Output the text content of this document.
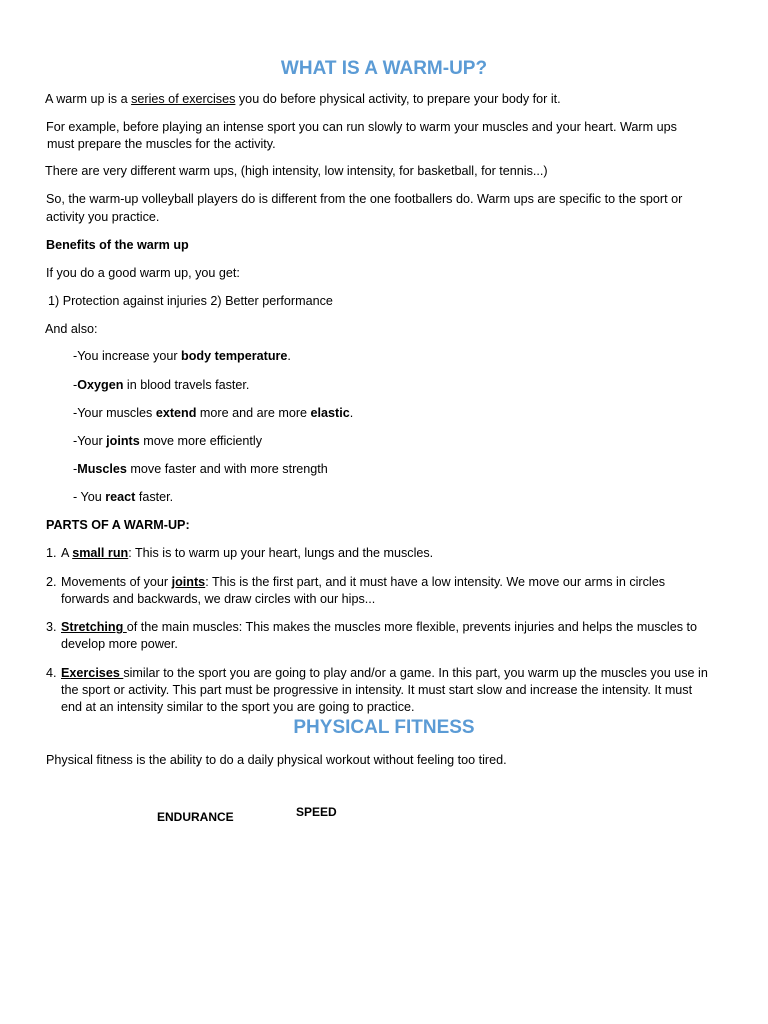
WHAT IS A WARM-UP?
A warm up is a series of exercises you do before physical activity, to prepare your body for it.
For example, before playing an intense sport you can run slowly to warm your muscles and your heart. Warm ups
must prepare the muscles for the activity.
There are very different warm ups, (high intensity, low intensity, for basketball, for tennis...)
So, the warm-up volleyball players do is different from the one footballers do. Warm ups are specific to the sport or
activity you practice.
Benefits of the warm up
If you do a good warm up, you get:
1) Protection against injuries 2) Better performance
And also:
-You increase your body temperature.
-Oxygen in blood travels faster.
-Your muscles extend more and are more elastic.
-Your joints move more efficiently
-Muscles move faster and with more strength
- You react faster.
PARTS OF A WARM-UP:
1. A small run: This is to warm up your heart, lungs and the muscles.
2. Movements of your joints: This is the first part, and it must have a low intensity. We move our arms in circles
forwards and backwards, we draw circles with our hips...
3. Stretching of the main muscles: This makes the muscles more flexible, prevents injuries and helps the muscles to
develop more power.
4. Exercises similar to the sport you are going to play and/or a game. In this part, you warm up the muscles you use in
the sport or activity. This part must be progressive in intensity. It must start slow and increase the intensity. It must
end at an intensity similar to the sport you are going to practice.
PHYSICAL FITNESS
Physical fitness is the ability to do a daily physical workout without feeling too tired.
ENDURANCE	SPEED
